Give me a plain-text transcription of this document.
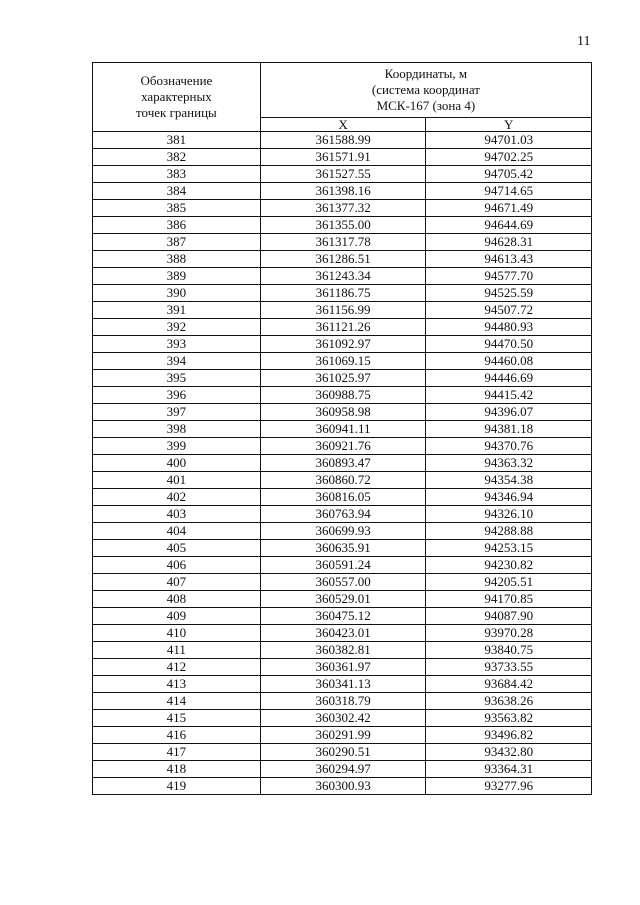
11
Обозначение
характерных
точек границы	Координаты, м
(система координат
МСК-167 (зона 4)	

	X	Y
381	361588.99	94701.03
382	361571.91	94702.25
383	361527.55	94705.42
384	361398.16	94714.65
385	361377.32	94671.49
386	361355.00	94644.69
387	361317.78	94628.31
388	361286.51	94613.43
389	361243.34	94577.70
390	361186.75	94525.59
391	361156.99	94507.72
392	361121.26	94480.93
393	361092.97	94470.50
394	361069.15	94460.08
395	361025.97	94446.69
396	360988.75	94415.42
397	360958.98	94396.07
398	360941.11	94381.18
399	360921.76	94370.76
400	360893.47	94363.32
401	360860.72	94354.38
402	360816.05	94346.94
403	360763.94	94326.10
404	360699.93	94288.88
405	360635.91	94253.15
406	360591.24	94230.82
407	360557.00	94205.51
408	360529.01	94170.85
409	360475.12	94087.90
410	360423.01	93970.28
411	360382.81	93840.75
412	360361.97	93733.55
413	360341.13	93684.42
414	360318.79	93638.26
415	360302.42	93563.82
416	360291.99	93496.82
417	360290.51	93432.80
418	360294.97	93364.31
419	360300.93	93277.96
